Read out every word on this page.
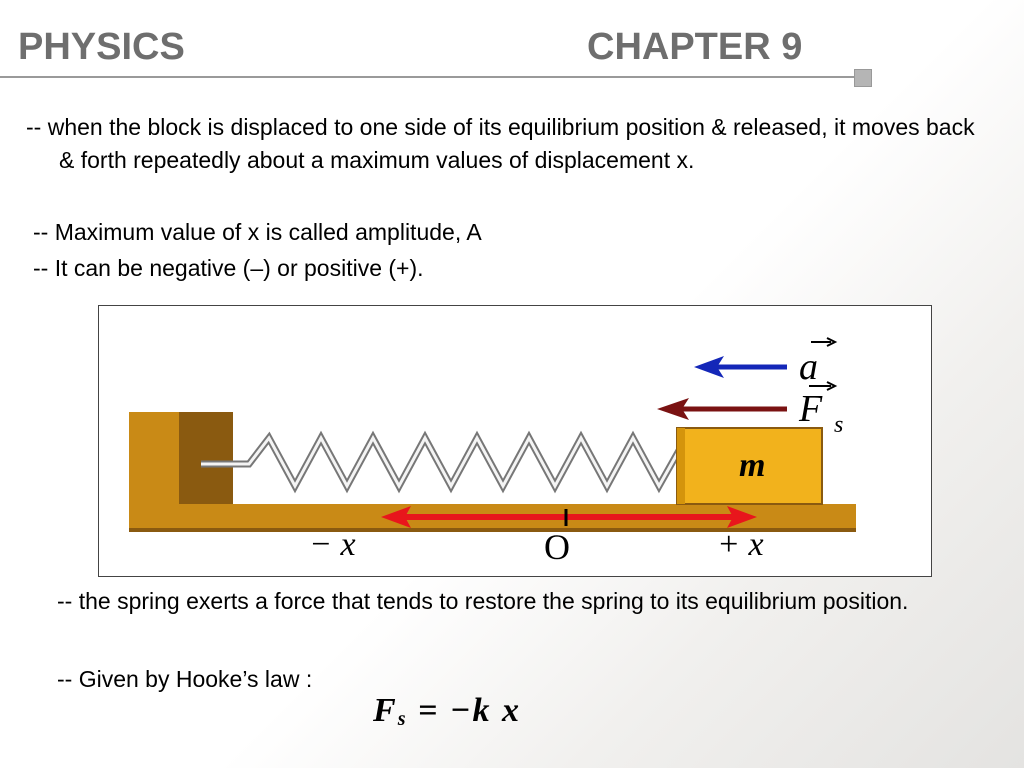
PHYSICS	CHAPTER 9
-- when the block is displaced to one side of its equilibrium position & released, it moves back & forth repeatedly about a maximum values of displacement x.
-- Maximum value of x is called amplitude, A
-- It can be negative (–) or positive (+).
m
a
F s
− x	O	+ x
-- the spring exerts a force that tends to restore the spring to its equilibrium position.
-- Given by Hooke’s law :
$F_s = -k$ x
